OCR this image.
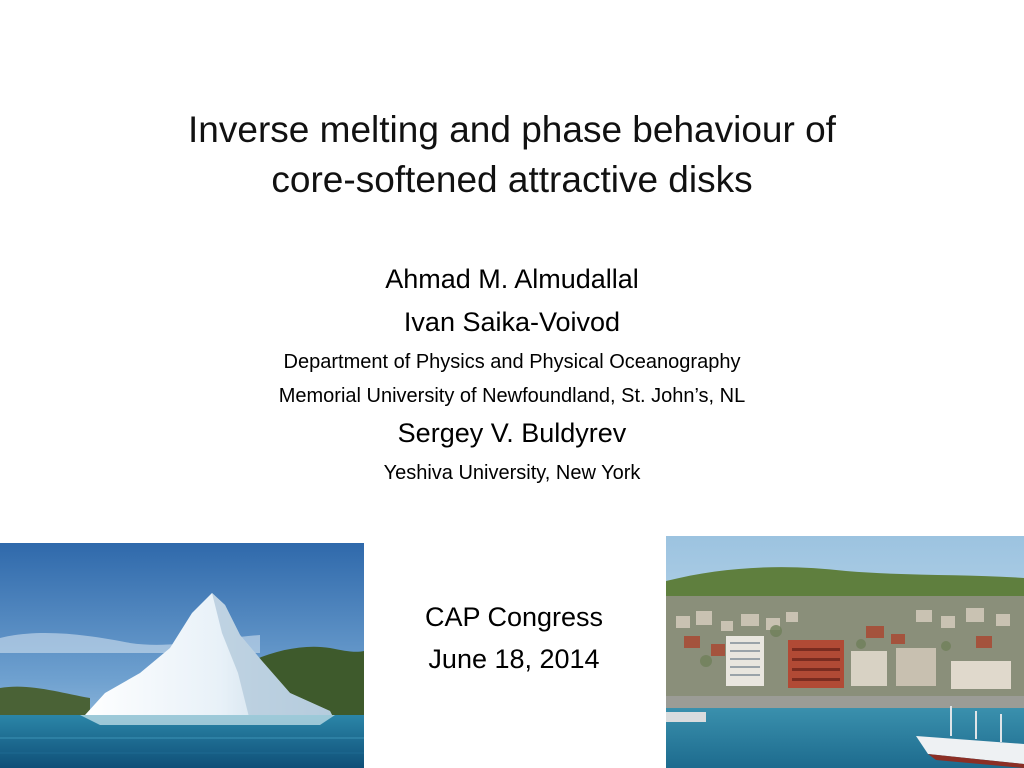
Inverse melting and phase behaviour of
core-softened attractive disks
Ahmad M. Almudallal
Ivan Saika-Voivod
Department of Physics and Physical Oceanography
Memorial University of Newfoundland, St. John’s, NL
Sergey V. Buldyrev
Yeshiva University, New York
CAP Congress
June 18, 2014
